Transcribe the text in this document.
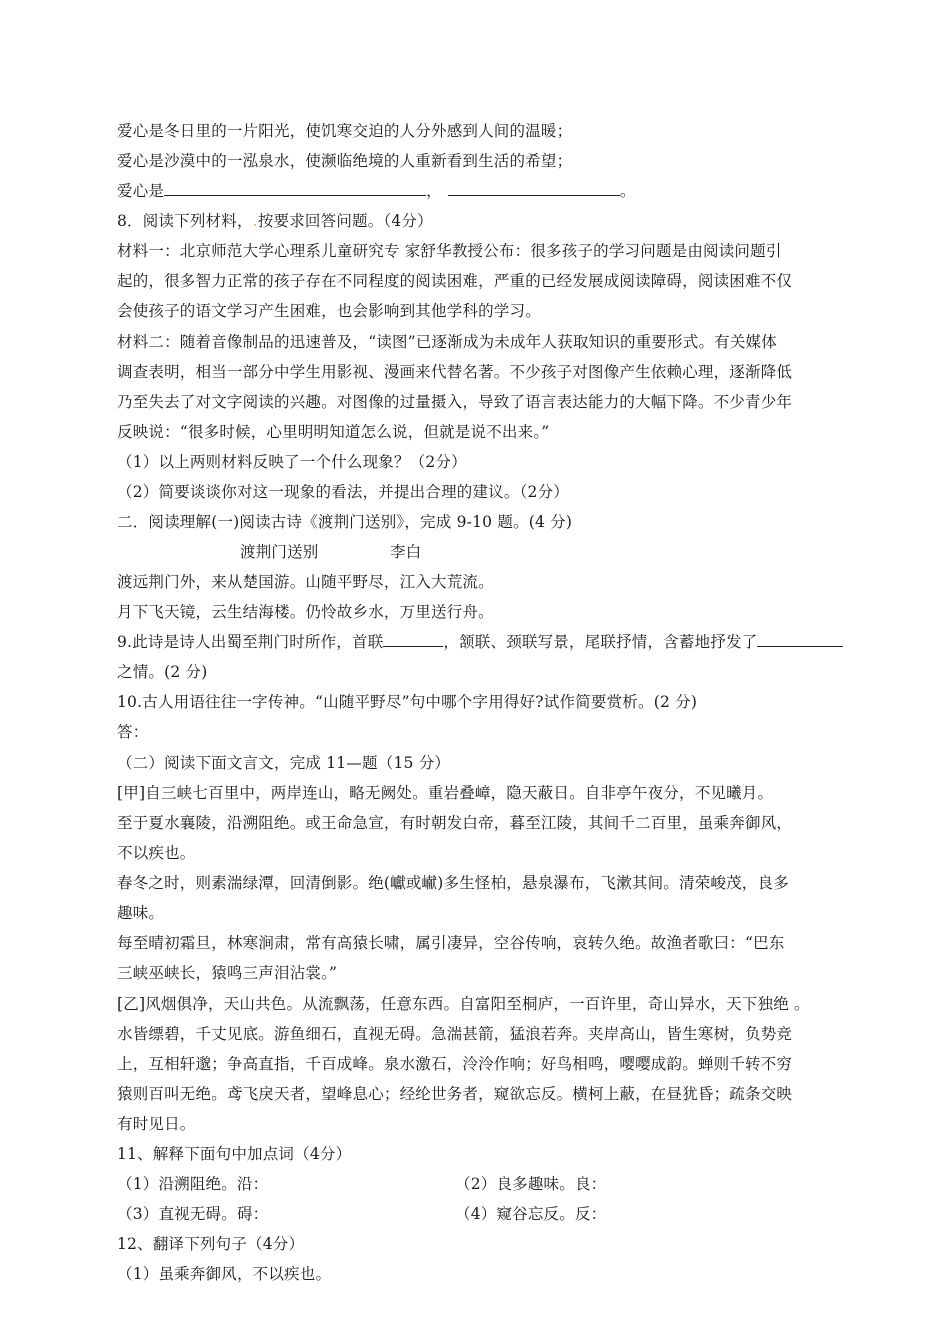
爱心是冬日里的一片阳光，使饥寒交迫的人分外感到人间的温暖；
爱心是沙漠中的一泓泉水，使濒临绝境的人重新看到生活的希望；
爱心是	，	。
8．阅读下列材料，.按要求回答问题。（4分）
材料一：北京师范大学心理系儿童研究专 家舒华教授公布：很多孩子的学习问题是由阅读问题引
起的，很多智力正常的孩子存在不同程度的阅读困难，严重的已经发展成阅读障碍，阅读困难不仅
会使孩子的语文学习产生困难，也会影响到其他学科的学习。
材料二：随着音像制品的迅速普及，“读图”已逐渐成为未成年人获取知识的重要形式。有关媒体
调查表明，相当一部分中学生用影视、漫画来代替名著。不少孩子对图像产生依赖心理，逐渐降低
乃至失去了对文字阅读的兴趣。对图像的过量摄入，导致了语言表达能力的大幅下降。不少青少年
反映说：“很多时候，心里明明知道怎么说，但就是说不出来。”
（1）以上两则材料反映了一个什么现象？（2分）
（2）简要谈谈你对这一现象的看法，并提出合理的建议。（2分）
二．阅读理解(一)阅读古诗《渡荆门送别》，完成 9-10 题。(4 分)
渡荆门送别	李白
渡远荆门外，来从楚国游。山随平野尽，江入大荒流。
月下飞天镜，云生结海楼。仍怜故乡水，万里送行舟。
9.此诗是诗人出蜀至荆门时所作，首联	，颔联、颈联写景，尾联抒情，含蓄地抒发了
之情。(2 分)
10.古人用语往往一字传神。“山随平野尽”句中哪个字用得好?试作简要赏析。(2 分)
答：
（二）阅读下面文言文，完成 11—题（15 分）
[甲]自三峡七百里中，两岸连山，略无阙处。重岩叠嶂，隐天蔽日。自非亭午夜分，不见曦月。
至于夏水襄陵，沿溯阻绝。或王命急宣，有时朝发白帝，暮至江陵，其间千二百里，虽乘奔御风，
不以疾也。
春冬之时，则素湍绿潭，回清倒影。绝(巘或𪩘)多生怪柏，悬泉瀑布，飞漱其间。清荣峻茂，良多
趣味。
每至晴初霜旦，林寒涧肃，常有高猿长啸，属引凄异，空谷传响，哀转久绝。故渔者歌曰：“巴东
三峡巫峡长，猿鸣三声泪沾裳。”
[乙]风烟俱净，天山共色。从流飘荡，任意东西。自富阳至桐庐，一百许里，奇山异水，天下独绝 。
水皆缥碧，千丈见底。游鱼细石，直视无碍。急湍甚箭，猛浪若奔。夹岸高山，皆生寒树，负势竞
上，互相轩邈；争高直指，千百成峰。泉水激石，泠泠作响；好鸟相鸣，嘤嘤成韵。蝉则千转不穷
猿则百叫无绝。鸢飞戾天者，望峰息心；经纶世务者，窥欲忘反。横柯上蔽，在昼犹昏；疏条交映
有时见日。
11、解释下面句中加点词（4分）
（1）沿溯阻绝。沿：	（2）良多趣味。良：
（3）直视无碍。碍：	（4）窥谷忘反。反：
12、翻译下列句子（4分）
（1）虽乘奔御风，不以疾也。
